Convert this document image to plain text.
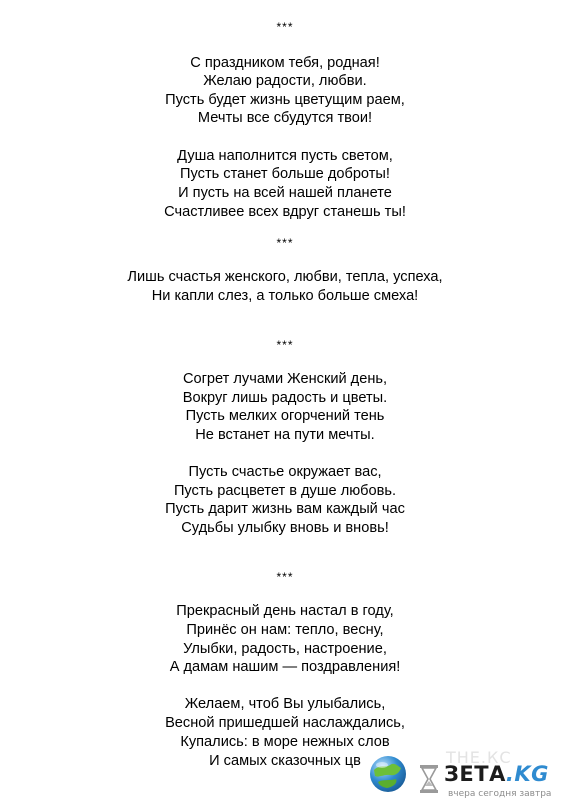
***
С праздником тебя, родная!
Желаю радости, любви.
Пусть будет жизнь цветущим раем,
Мечты все сбудутся твои!
Душа наполнится пусть светом,
Пусть станет больше доброты!
И пусть на всей нашей планете
Счастливее всех вдруг станешь ты!
***
Лишь счастья женского, любви, тепла, успеха,
Ни капли слез, а только больше смеха!
***
Согрет лучами Женский день,
Вокруг лишь радость и цветы.
Пусть мелких огорчений тень
Не встанет на пути мечты.
Пусть счастье окружает вас,
Пусть расцветет в душе любовь.
Пусть дарит жизнь вам каждый час
Судьбы улыбку вновь и вновь!
***
Прекрасный день настал в году,
Принёс он нам: тепло, весну,
Улыбки, радость, настроение,
А дамам нашим — поздравления!
Желаем, чтоб Вы улыбались,
Весной пришедшей наслаждались,
Купались: в море нежных слов
И самых сказочных цв	ТНЕ.КС
ЗЕТА.KG
вчера сегодня завтра
